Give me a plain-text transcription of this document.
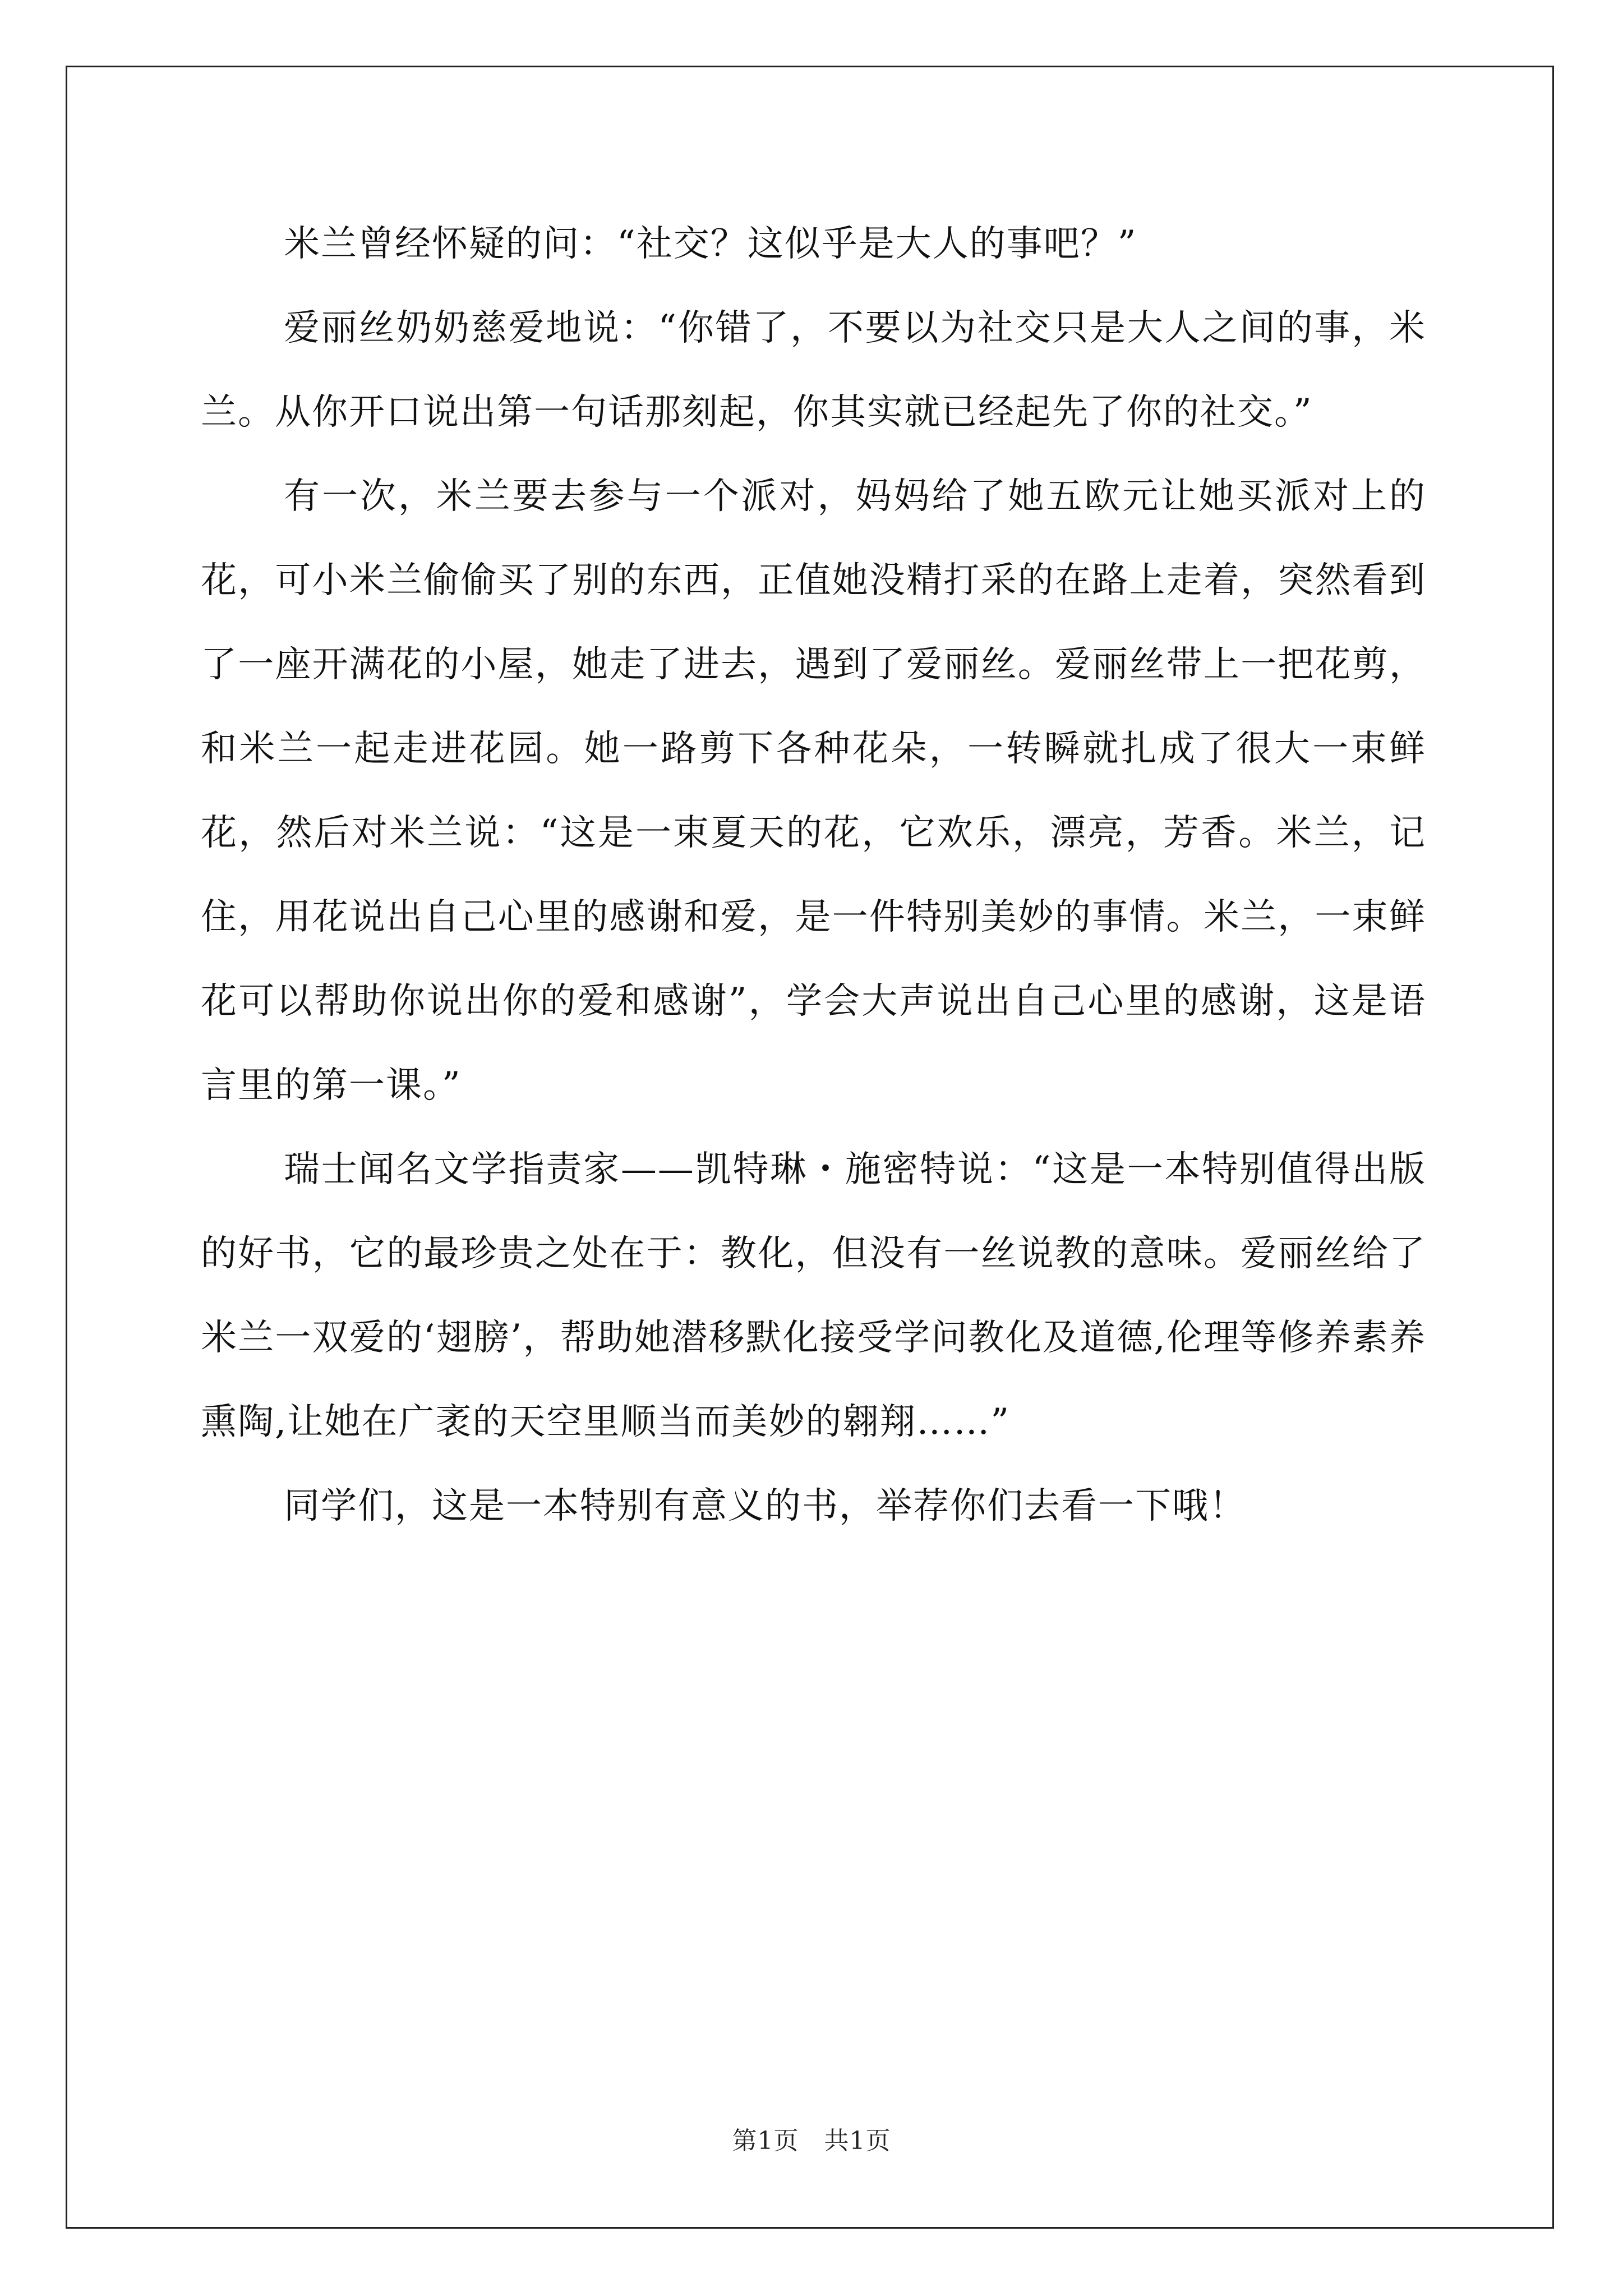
米兰曾经怀疑的问：“社交？这似乎是大人的事吧？”

爱丽丝奶奶慈爱地说：“你错了，不要以为社交只是大人之间的事，米兰。从你开口说出第一句话那刻起，你其实就已经起先了你的社交。”

有一次，米兰要去参与一个派对，妈妈给了她五欧元让她买派对上的花，可小米兰偷偷买了别的东西，正值她没精打采的在路上走着，突然看到了一座开满花的小屋，她走了进去，遇到了爱丽丝。爱丽丝带上一把花剪，和米兰一起走进花园。她一路剪下各种花朵，一转瞬就扎成了很大一束鲜花，然后对米兰说：“这是一束夏天的花，它欢乐，漂亮，芳香。米兰，记住，用花说出自己心里的感谢和爱，是一件特别美妙的事情。米兰，一束鲜花可以帮助你说出你的爱和感谢”，学会大声说出自己心里的感谢，这是语言里的第一课。”

瑞士闻名文学指责家——凯特琳・施密特说：“这是一本特别值得出版的好书，它的最珍贵之处在于：教化，但没有一丝说教的意味。爱丽丝给了米兰一双爱的‘翅膀’，帮助她潜移默化接受学问教化及道德,伦理等修养素养熏陶,让她在广袤的天空里顺当而美妙的翱翔……”

同学们，这是一本特别有意义的书，举荐你们去看一下哦！

第1页　共1页
